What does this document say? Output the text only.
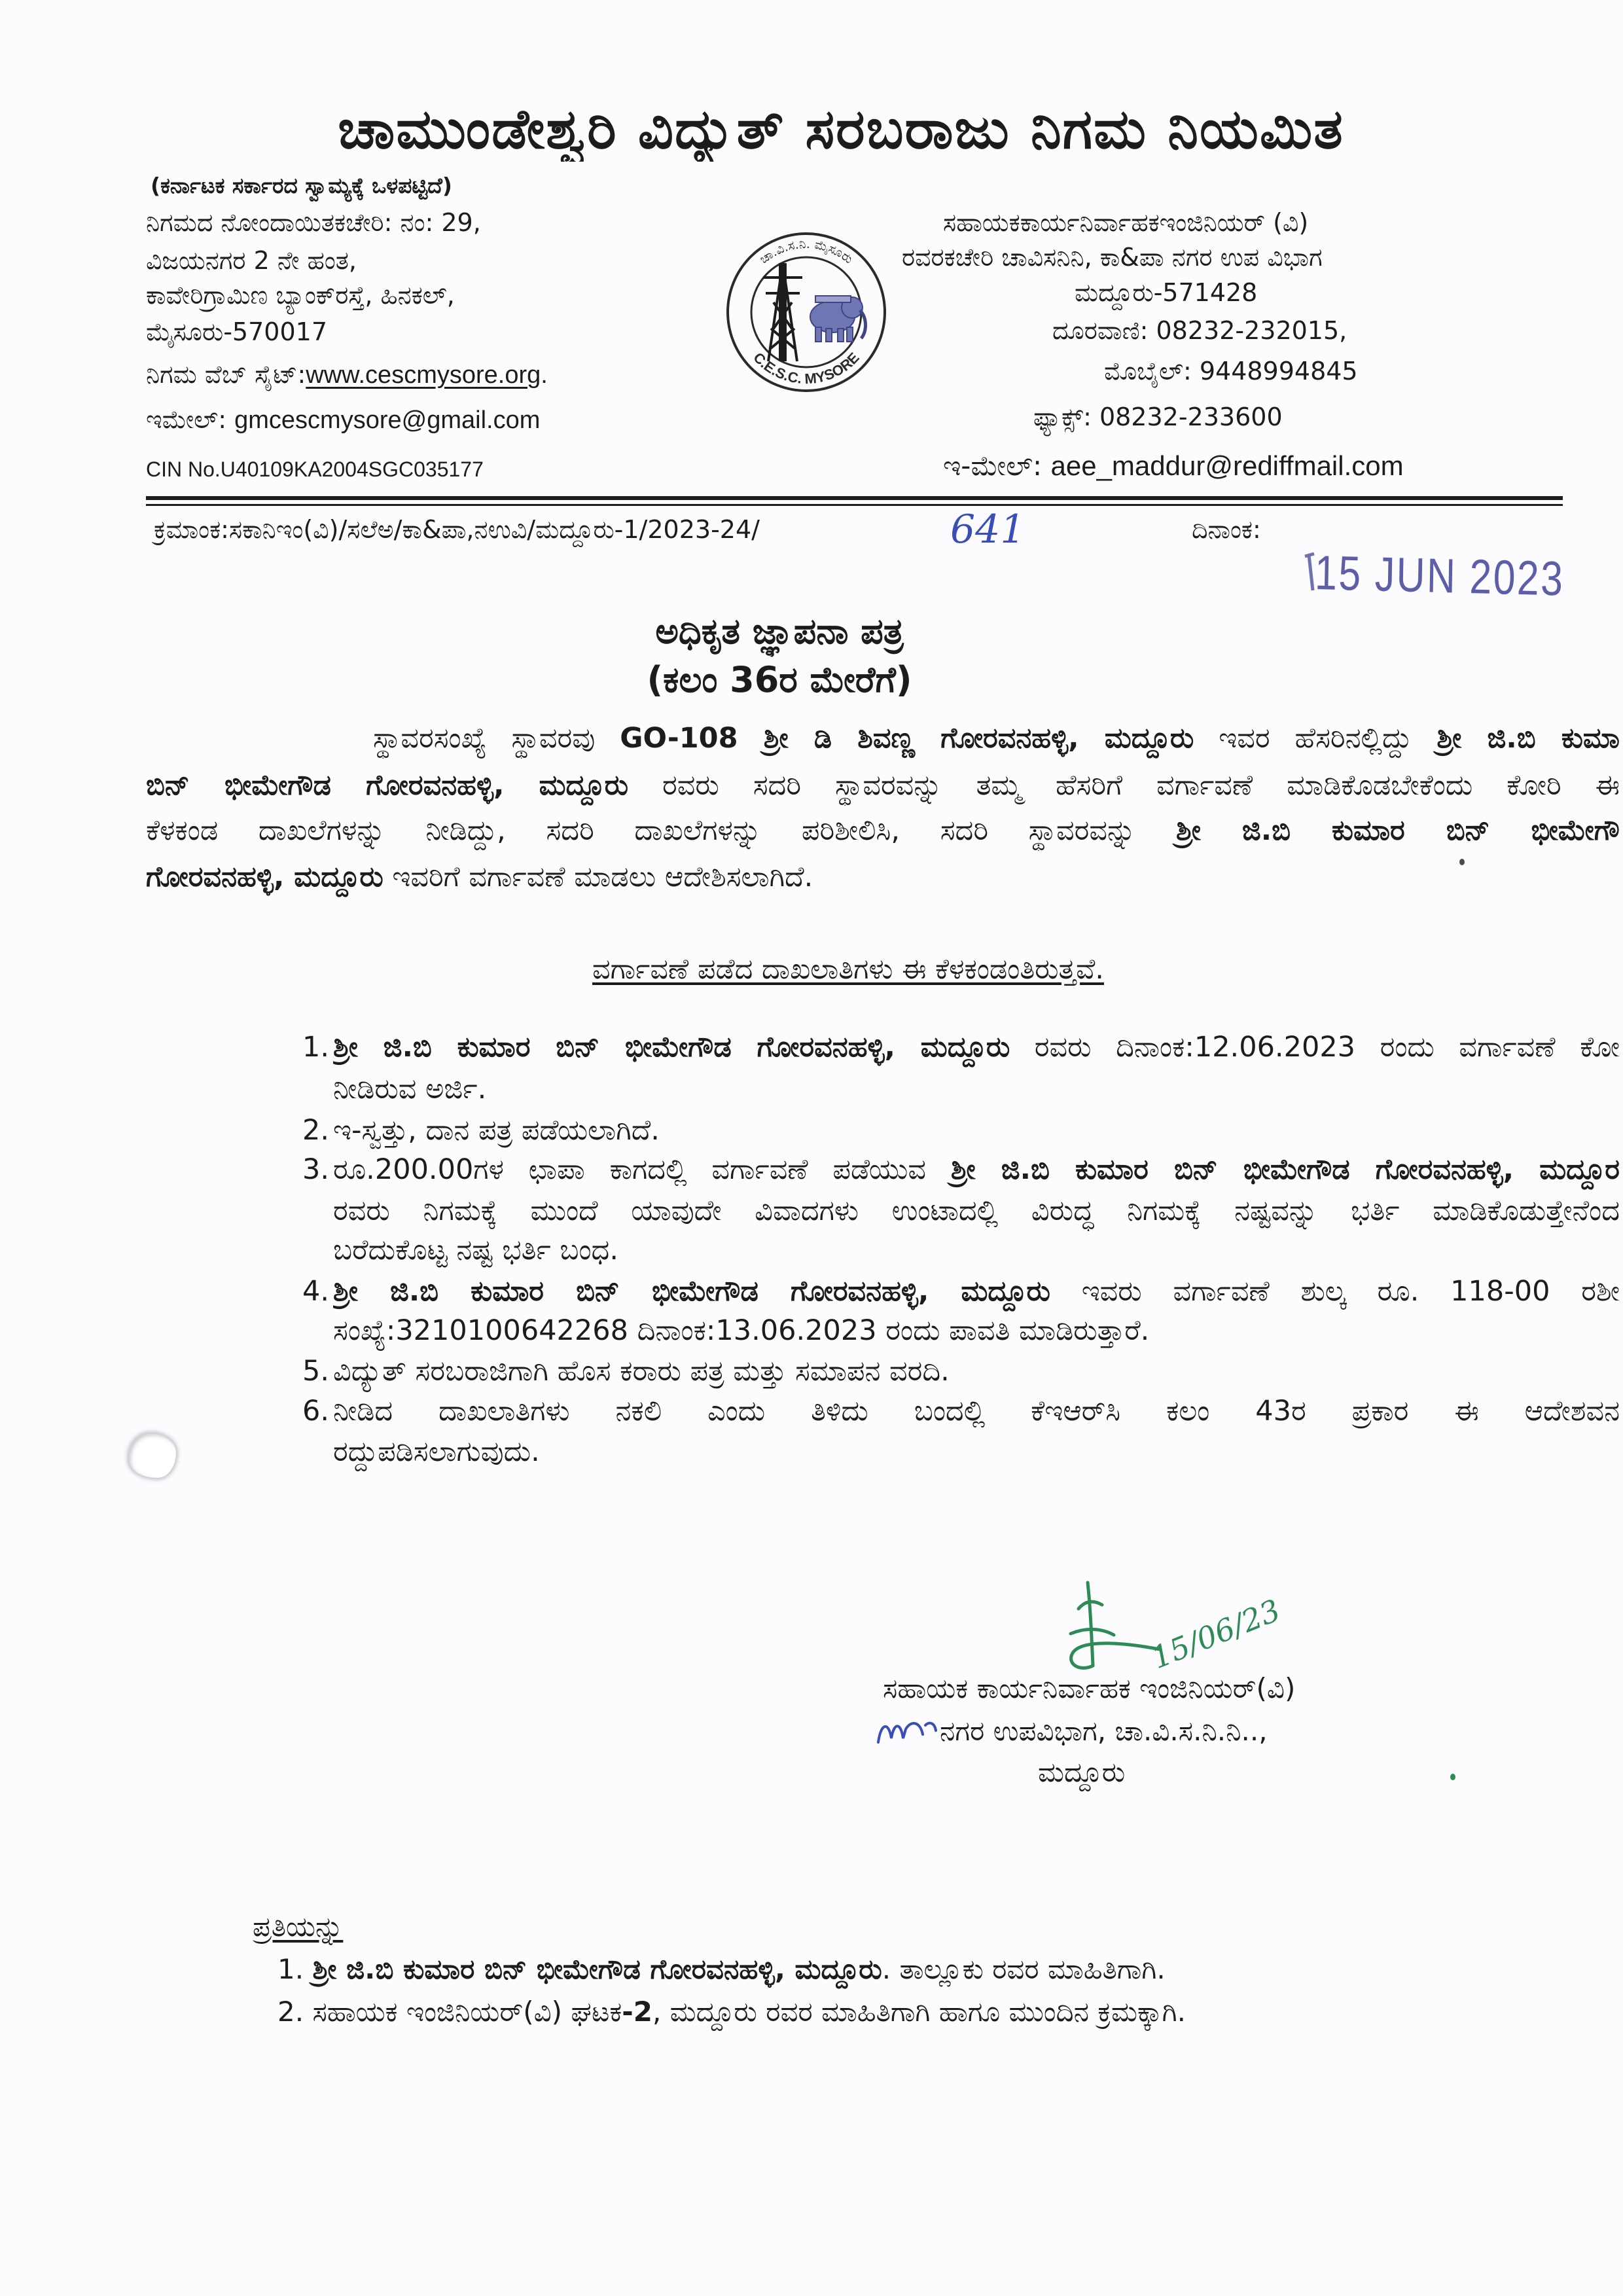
ಚಾಮುಂಡೇಶ್ವರಿ ವಿದ್ಯುತ್ ಸರಬರಾಜು ನಿಗಮ ನಿಯಮಿತ
(ಕರ್ನಾಟಕ ಸರ್ಕಾರದ ಸ್ವಾಮ್ಯಕ್ಕೆ ಒಳಪಟ್ಟಿದೆ)
ನಿಗಮದ ನೋಂದಾಯಿತಕಚೇರಿ: ನಂ: 29,
ವಿಜಯನಗರ 2 ನೇ ಹಂತ,
ಕಾವೇರಿಗ್ರಾಮಿಣ ಬ್ಯಾಂಕ್‌ರಸ್ತೆ, ಹಿನಕಲ್,
ಮೈಸೂರು-570017
ನಿಗಮ ವೆಬ್ ಸೈಟ್:www.cescmysore.org.
ಇಮೇಲ್: gmcescmysore@gmail.com
CIN No.U40109KA2004SGC035177
ಚಾ.ವಿ.ಸ.ನಿ. ಮೈಸೂರು
C.E.S.C. MYSORE
ಸಹಾಯಕಕಾರ್ಯನಿರ್ವಾಹಕಇಂಜಿನಿಯರ್ (ವಿ)
ರವರಕಚೇರಿ ಚಾವಿಸನಿನಿ, ಕಾ&ಪಾ ನಗರ ಉಪ ವಿಭಾಗ
ಮದ್ದೂರು-571428
ದೂರವಾಣಿ: 08232-232015,
ಮೊಬೈಲ್: 9448994845
ಫ್ಯಾಕ್ಸ್: 08232-233600
ಇ-ಮೇಲ್: aee_maddur@rediffmail.com
ಕ್ರಮಾಂಕ:ಸಕಾನಿಇಂ(ವಿ)/ಸಲೆಅ/ಕಾ&ಪಾ,ನಉವಿ/ಮದ್ದೂರು-1/2023-24/	641	ದಿನಾಂಕ:
15 JUN 2023
ಅಧಿಕೃತ ಜ್ಞಾಪನಾ ಪತ್ರ
(ಕಲಂ 36ರ ಮೇರೆಗೆ)
ಸ್ಥಾವರಸಂಖ್ಯೆ ಸ್ಥಾವರವು GO-108 ಶ್ರೀ ಡಿ ಶಿವಣ್ಣ ಗೋರವನಹಳ್ಳಿ, ಮದ್ದೂರು ಇವರ ಹೆಸರಿನಲ್ಲಿದ್ದು ಶ್ರೀ ಜಿ.ಬಿ ಕುಮಾ
ಬಿನ್ ಭೀಮೇಗೌಡ ಗೋರವನಹಳ್ಳಿ, ಮದ್ದೂರು ರವರು ಸದರಿ ಸ್ಥಾವರವನ್ನು ತಮ್ಮ ಹೆಸರಿಗೆ ವರ್ಗಾವಣೆ ಮಾಡಿಕೊಡಬೇಕೆಂದು ಕೋರಿ ಈ
ಕೆಳಕಂಡ ದಾಖಲೆಗಳನ್ನು ನೀಡಿದ್ದು, ಸದರಿ ದಾಖಲೆಗಳನ್ನು ಪರಿಶೀಲಿಸಿ, ಸದರಿ ಸ್ಥಾವರವನ್ನು ಶ್ರೀ ಜಿ.ಬಿ ಕುಮಾರ ಬಿನ್ ಭೀಮೇಗೌ
ಗೋರವನಹಳ್ಳಿ, ಮದ್ದೂರು ಇವರಿಗೆ ವರ್ಗಾವಣೆ ಮಾಡಲು ಆದೇಶಿಸಲಾಗಿದೆ.
ವರ್ಗಾವಣೆ ಪಡೆದ ದಾಖಲಾತಿಗಳು ಈ ಕೆಳಕಂಡಂತಿರುತ್ತವೆ.
1. ಶ್ರೀ ಜಿ.ಬಿ ಕುಮಾರ ಬಿನ್ ಭೀಮೇಗೌಡ ಗೋರವನಹಳ್ಳಿ, ಮದ್ದೂರು ರವರು ದಿನಾಂಕ:12.06.2023 ರಂದು ವರ್ಗಾವಣೆ ಕೋ
ನೀಡಿರುವ ಅರ್ಜಿ.
2. ಇ-ಸ್ವತ್ತು, ದಾನ ಪತ್ರ ಪಡೆಯಲಾಗಿದೆ.
3. ರೂ.200.00ಗಳ ಛಾಪಾ ಕಾಗದಲ್ಲಿ ವರ್ಗಾವಣೆ ಪಡೆಯುವ ಶ್ರೀ ಜಿ.ಬಿ ಕುಮಾರ ಬಿನ್ ಭೀಮೇಗೌಡ ಗೋರವನಹಳ್ಳಿ, ಮದ್ದೂರ
ರವರು ನಿಗಮಕ್ಕೆ ಮುಂದೆ ಯಾವುದೇ ವಿವಾದಗಳು ಉಂಟಾದಲ್ಲಿ ವಿರುದ್ಧ ನಿಗಮಕ್ಕೆ ನಷ್ಟವನ್ನು ಭರ್ತಿ ಮಾಡಿಕೊಡುತ್ತೇನೆಂದ
ಬರೆದುಕೊಟ್ಟ ನಷ್ಟ ಭರ್ತಿ ಬಂಧ.
4. ಶ್ರೀ ಜಿ.ಬಿ ಕುಮಾರ ಬಿನ್ ಭೀಮೇಗೌಡ ಗೋರವನಹಳ್ಳಿ, ಮದ್ದೂರು ಇವರು ವರ್ಗಾವಣೆ ಶುಲ್ಕ ರೂ. 118-00 ರಶೀ
ಸಂಖ್ಯೆ:3210100642268 ದಿನಾಂಕ:13.06.2023 ರಂದು ಪಾವತಿ ಮಾಡಿರುತ್ತಾರೆ.
5. ವಿದ್ಯುತ್ ಸರಬರಾಜಿಗಾಗಿ ಹೊಸ ಕರಾರು ಪತ್ರ ಮತ್ತು ಸಮಾಪನ ವರದಿ.
6. ನೀಡಿದ ದಾಖಲಾತಿಗಳು ನಕಲಿ ಎಂದು ತಿಳಿದು ಬಂದಲ್ಲಿ ಕೆಇಆರ್‌ಸಿ ಕಲಂ 43ರ ಪ್ರಕಾರ ಈ ಆದೇಶವನ
ರದ್ದುಪಡಿಸಲಾಗುವುದು.
15/06/23
ಸಹಾಯಕ ಕಾರ್ಯನಿರ್ವಾಹಕ ಇಂಜಿನಿಯರ್(ವಿ)
ನಗರ ಉಪವಿಭಾಗ, ಚಾ.ವಿ.ಸ.ನಿ.ನಿ..,
ಮದ್ದೂರು
ಪ್ರತಿಯನ್ನು
1. ಶ್ರೀ ಜಿ.ಬಿ ಕುಮಾರ ಬಿನ್ ಭೀಮೇಗೌಡ ಗೋರವನಹಳ್ಳಿ, ಮದ್ದೂರು. ತಾಲ್ಲೂಕು ರವರ ಮಾಹಿತಿಗಾಗಿ.
2. ಸಹಾಯಕ ಇಂಜಿನಿಯರ್(ವಿ) ಘಟಕ-2, ಮದ್ದೂರು ರವರ ಮಾಹಿತಿಗಾಗಿ ಹಾಗೂ ಮುಂದಿನ ಕ್ರಮಕ್ಕಾಗಿ.
